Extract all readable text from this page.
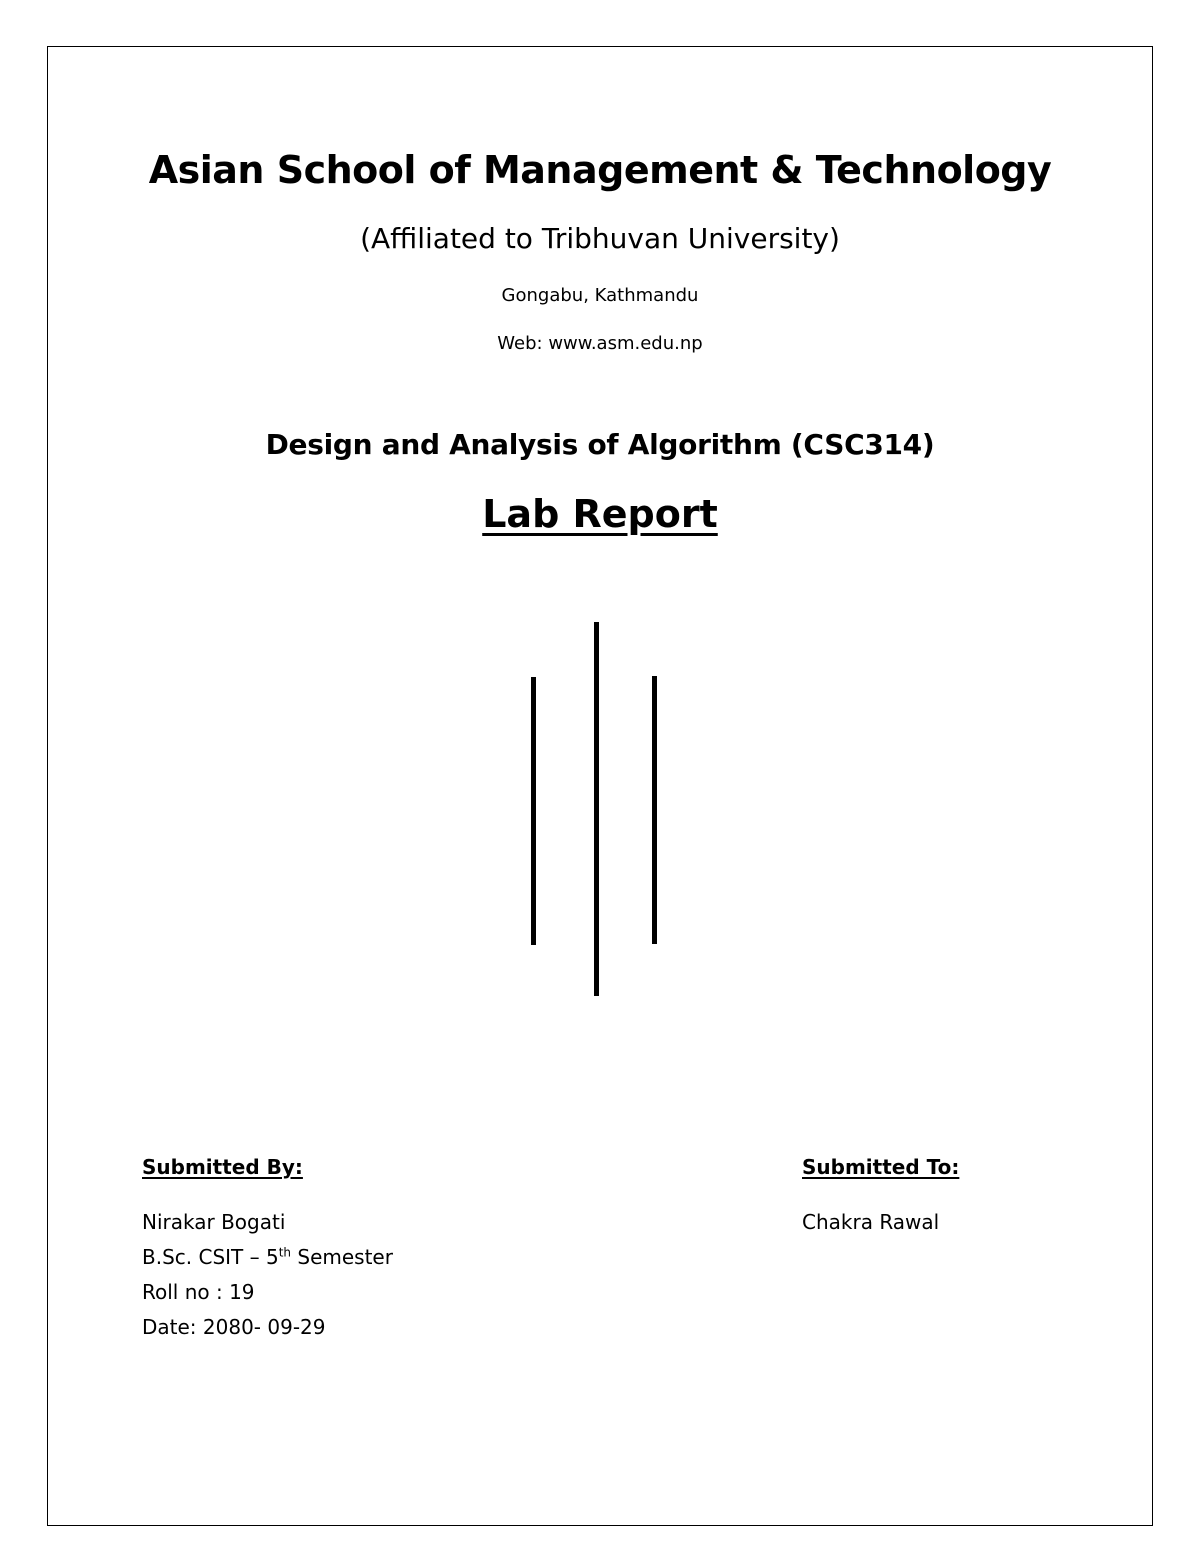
Asian School of Management & Technology
(Affiliated to Tribhuvan University)
Gongabu, Kathmandu
Web: www.asm.edu.np
Design and Analysis of Algorithm (CSC314)
Lab Report
Submitted By:
Nirakar Bogati
B.Sc. CSIT – 5th Semester
Roll no : 19
Date: 2080- 09-29
Submitted To:
Chakra Rawal
